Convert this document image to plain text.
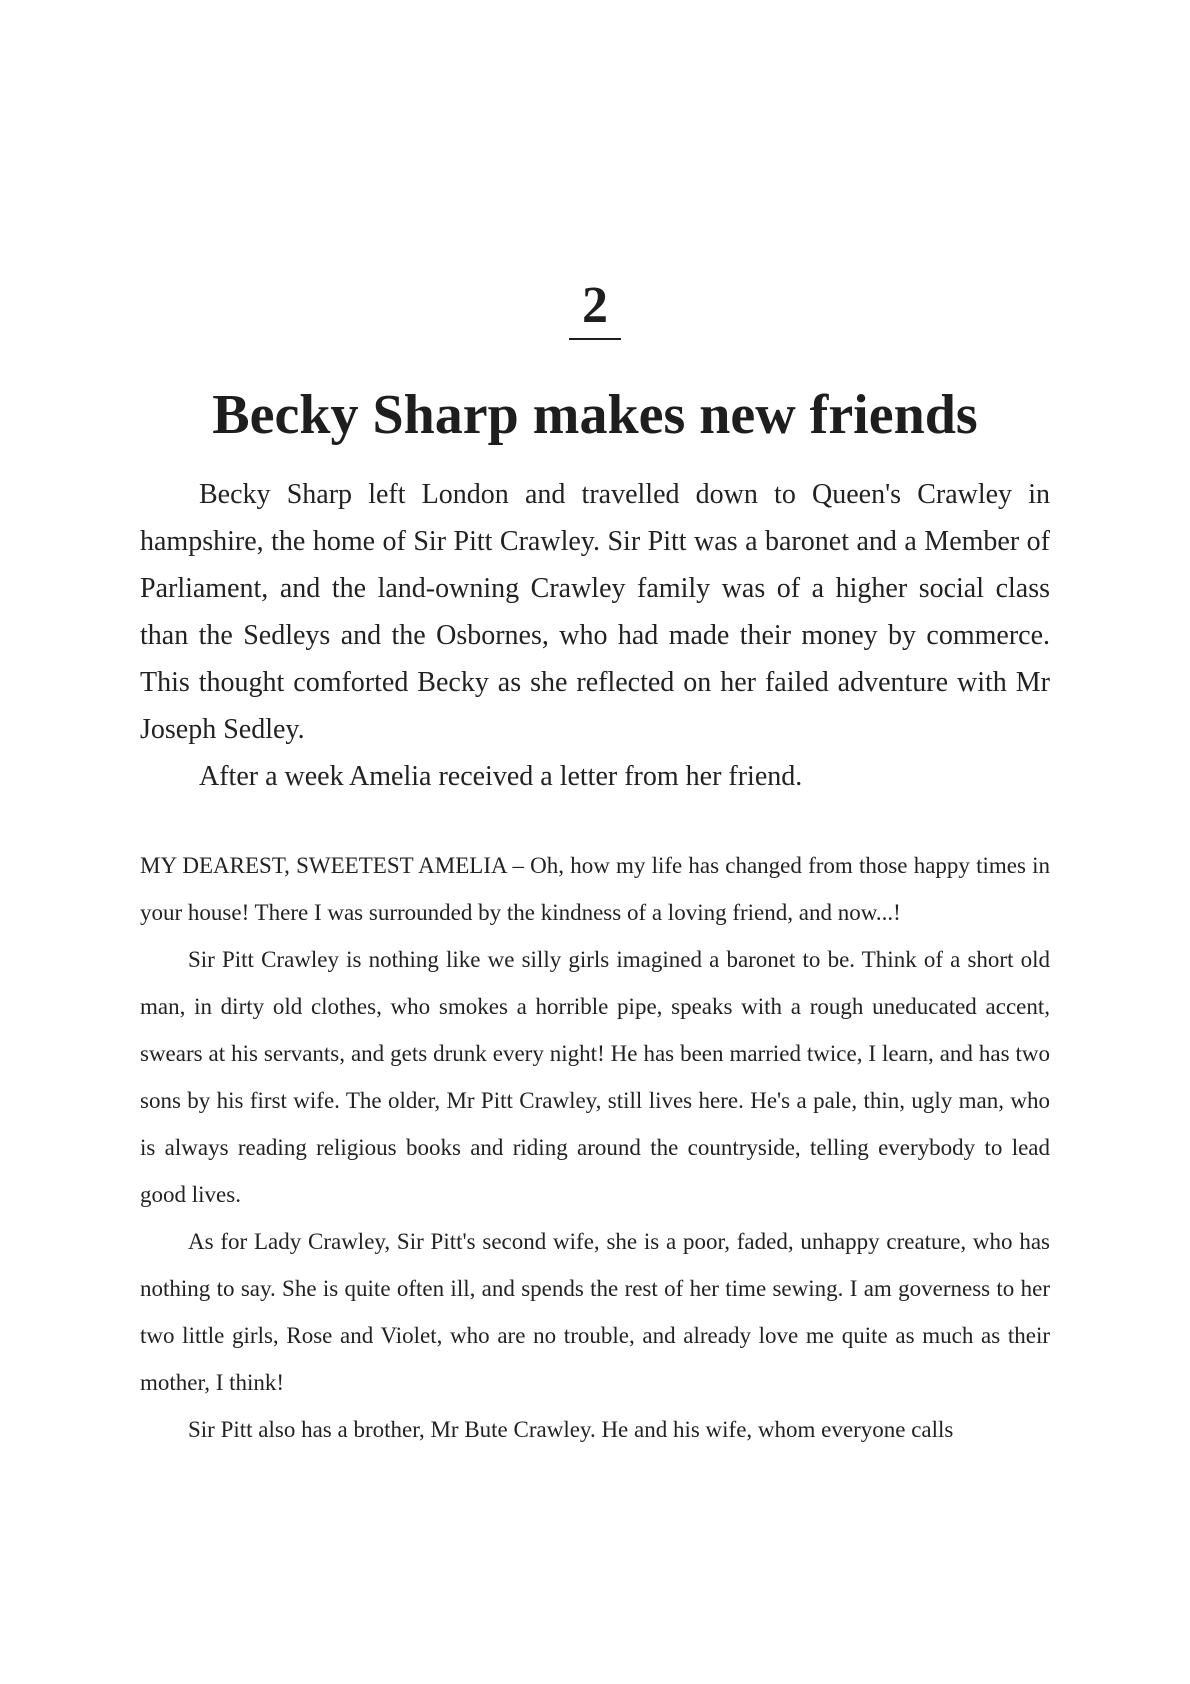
2
Becky Sharp makes new friends

Becky Sharp left London and travelled down to Queen's Crawley in hampshire, the home of Sir Pitt Crawley. Sir Pitt was a baronet and a Member of Parliament, and the land-owning Crawley family was of a higher social class than the Sedleys and the Osbornes, who had made their money by commerce. This thought comforted Becky as she reflected on her failed adventure with Mr Joseph Sedley.

After a week Amelia received a letter from her friend.

MY DEAREST, SWEETEST AMELIA – Oh, how my life has changed from those happy times in your house! There I was surrounded by the kindness of a loving friend, and now...!

Sir Pitt Crawley is nothing like we silly girls imagined a baronet to be. Think of a short old man, in dirty old clothes, who smokes a horrible pipe, speaks with a rough uneducated accent, swears at his servants, and gets drunk every night! He has been married twice, I learn, and has two sons by his first wife. The older, Mr Pitt Crawley, still lives here. He's a pale, thin, ugly man, who is always reading religious books and riding around the countryside, telling everybody to lead good lives.

As for Lady Crawley, Sir Pitt's second wife, she is a poor, faded, unhappy creature, who has nothing to say. She is quite often ill, and spends the rest of her time sewing. I am governess to her two little girls, Rose and Violet, who are no trouble, and already love me quite as much as their mother, I think!

Sir Pitt also has a brother, Mr Bute Crawley. He and his wife, whom everyone calls
